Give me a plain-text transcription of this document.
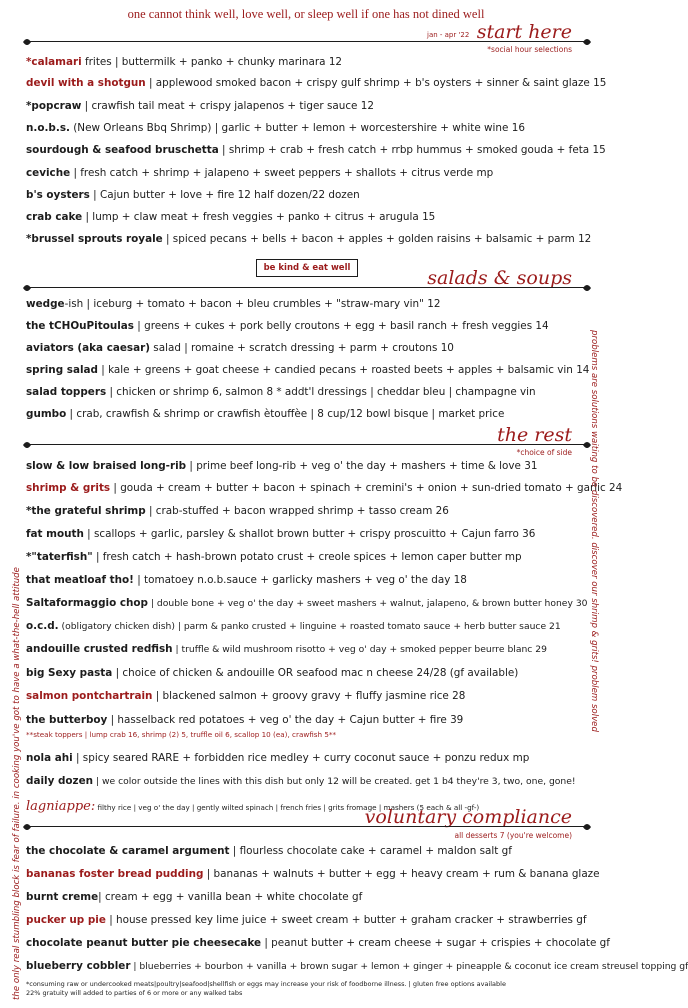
one cannot think well, love well, or sleep well if one has not dined well
start here
jan - apr '22
*social hour selections
*calamari frites | buttermilk + panko + chunky marinara 12
devil with a shotgun | applewood smoked bacon + crispy gulf shrimp + b's oysters + sinner & saint glaze 15
*popcraw | crawfish tail meat + crispy jalapenos + tiger sauce 12
n.o.b.s. (New Orleans Bbq Shrimp) | garlic + butter + lemon + worcestershire + white wine 16
sourdough & seafood bruschetta | shrimp + crab + fresh catch + rrbp hummus + smoked gouda + feta 15
ceviche | fresh catch + shrimp + jalapeno + sweet peppers + shallots + citrus verde mp
b's oysters | Cajun butter + love + fire 12 half dozen/22 dozen
crab cake | lump + claw meat + fresh veggies + panko + citrus + arugula 15
*brussel sprouts royale | spiced pecans + bells + bacon + apples + golden raisins + balsamic + parm 12
be kind & eat well	salads & soups
wedge-ish | iceburg + tomato + bacon + bleu crumbles + "straw-mary vin" 12
the tCHOuPitoulas | greens + cukes + pork belly croutons + egg + basil ranch + fresh veggies 14
aviators (aka caesar) salad | romaine + scratch dressing + parm + croutons 10
spring salad | kale + greens + goat cheese + candied pecans + roasted beets + apples + balsamic vin 14
salad toppers | chicken or shrimp 6, salmon 8 * addt'l dressings | cheddar bleu | champagne vin
gumbo | crab, crawfish & shrimp or crawfish ètouffèe | 8 cup/12 bowl bisque | market price
the rest
*choice of side
slow & low braised long-rib | prime beef long-rib + veg o' the day + mashers + time & love 31
shrimp & grits | gouda + cream + butter + bacon + spinach + cremini's + onion + sun-dried tomato + garlic 24
*the grateful shrimp | crab-stuffed + bacon wrapped shrimp + tasso cream 26
fat mouth | scallops + garlic, parsley & shallot brown butter + crispy proscuitto + Cajun farro 36
*"taterfish" | fresh catch + hash-brown potato crust + creole spices + lemon caper butter mp
that meatloaf tho! | tomatoey n.o.b.sauce + garlicky mashers + veg o' the day 18
Saltaformaggio chop | double bone + veg o' the day + sweet mashers + walnut, jalapeno, & brown butter honey 30
o.c.d. (obligatory chicken dish) | parm & panko crusted + linguine + roasted tomato sauce + herb butter sauce 21
andouille crusted redfish | truffle & wild mushroom risotto + veg o' day + smoked pepper beurre blanc 29
big Sexy pasta | choice of chicken & andouille OR seafood mac n cheese 24/28 (gf available)
salmon pontchartrain | blackened salmon + groovy gravy + fluffy jasmine rice 28
the butterboy | hasselback red potatoes + veg o' the day + Cajun butter + fire 39
**steak toppers | lump crab 16, shrimp (2) 5, truffle oil 6, scallop 10 (ea), crawfish 5**
nola ahi | spicy seared RARE + forbidden rice medley + curry coconut sauce + ponzu redux mp
daily dozen | we color outside the lines with this dish but only 12 will be created. get 1 b4 they're 3, two, one, gone!
lagniappe: filthy rice | veg o' the day | gently wilted spinach | french fries | grits fromage | mashers (5 each & all -gf-)
voluntary compliance
all desserts 7 (you're welcome)
the chocolate & caramel argument | flourless chocolate cake + caramel + maldon salt gf
bananas foster bread pudding | bananas + walnuts + butter + egg + heavy cream + rum & banana glaze
burnt creme| cream + egg + vanilla bean + white chocolate gf
pucker up pie | house pressed key lime juice + sweet cream + butter + graham cracker + strawberries gf
chocolate peanut butter pie cheesecake | peanut butter + cream cheese + sugar + crispies + chocolate gf
blueberry cobbler | blueberries + bourbon + vanilla + brown sugar + lemon + ginger + pineapple & coconut ice cream streusel topping gf
*consuming raw or undercooked meats|poultry|seafood|shellfish or eggs may increase your risk of foodborne illness. | gluten free options available
22% gratuity will added to parties of 6 or more or any walked tabs
the only real stumbling block is fear of failure. in cooking you've got to have a what-the-hell attitude
problems are solutions waiting to be discovered. discover our shrimp & grits! problem solved
